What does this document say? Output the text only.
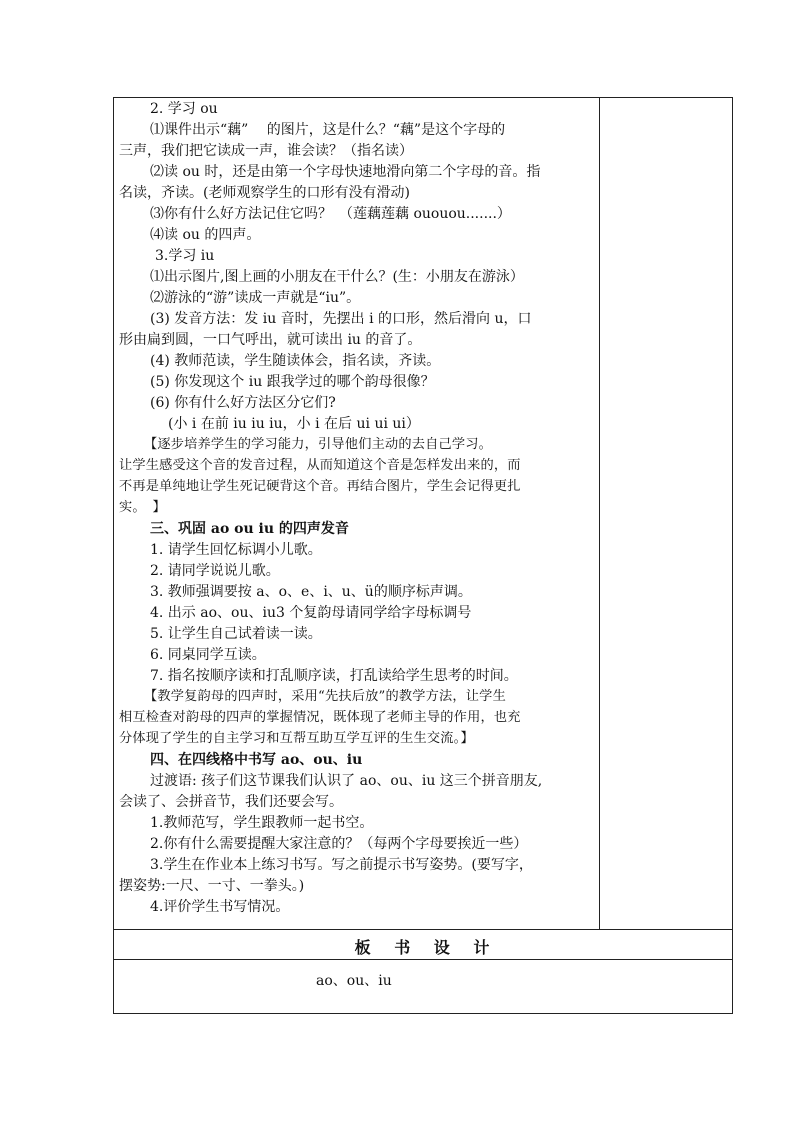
2. 学习 ou
⑴课件出示“藕”　 的图片，这是什么？“藕”是这个字母的
三声，我们把它读成一声，谁会读？（指名读）
⑵读 ou 时，还是由第一个字母快速地滑向第二个字母的音。指
名读，齐读。(老师观察学生的口形有没有滑动)
⑶你有什么好方法记住它吗？　（莲藕莲藕 ououou.......）
⑷读 ou 的四声。
3.学习 iu
⑴出示图片,图上画的小朋友在干什么？(生：小朋友在游泳）
⑵游泳的“游”读成一声就是“iu”。
(3) 发音方法：发 iu 音时，先摆出 i 的口形，然后滑向 u，口
形由扁到圆，一口气呼出，就可读出 iu 的音了。
(4) 教师范读，学生随读体会，指名读，齐读。
(5) 你发现这个 iu 跟我学过的哪个韵母很像？
(6) 你有什么好方法区分它们?
(小 i 在前 iu iu iu，小 i 在后 ui ui ui）
【逐步培养学生的学习能力，引导他们主动的去自己学习。
让学生感受这个音的发音过程，从而知道这个音是怎样发出来的，而
不再是单纯地让学生死记硬背这个音。再结合图片，学生会记得更扎
实。　】
三、巩固 ao ou iu 的四声发音
1. 请学生回忆标调小儿歌。
2. 请同学说说儿歌。
3. 教师强调要按 a、o、e、i、u、ü的顺序标声调。
4. 出示 ao、ou、iu3 个复韵母请同学给字母标调号
5. 让学生自己试着读一读。
6. 同桌同学互读。
7. 指名按顺序读和打乱顺序读，打乱读给学生思考的时间。
【教学复韵母的四声时，采用“先扶后放”的教学方法，让学生
相互检查对韵母的四声的掌握情况，既体现了老师主导的作用，也充
分体现了学生的自主学习和互帮互助互学互评的生生交流。】
四、在四线格中书写 ao、ou、iu
过渡语: 孩子们这节课我们认识了 ao、ou、iu 这三个拼音朋友,
会读了、会拼音节，我们还要会写。
1.教师范写，学生跟教师一起书空。
2.你有什么需要提醒大家注意的？（每两个字母要挨近一些）
3.学生在作业本上练习书写。写之前提示书写姿势。(要写字，
摆姿势:一尺、一寸、一拳头。)
4.评价学生书写情况。
板 书 设 计
ao、ou、iu
